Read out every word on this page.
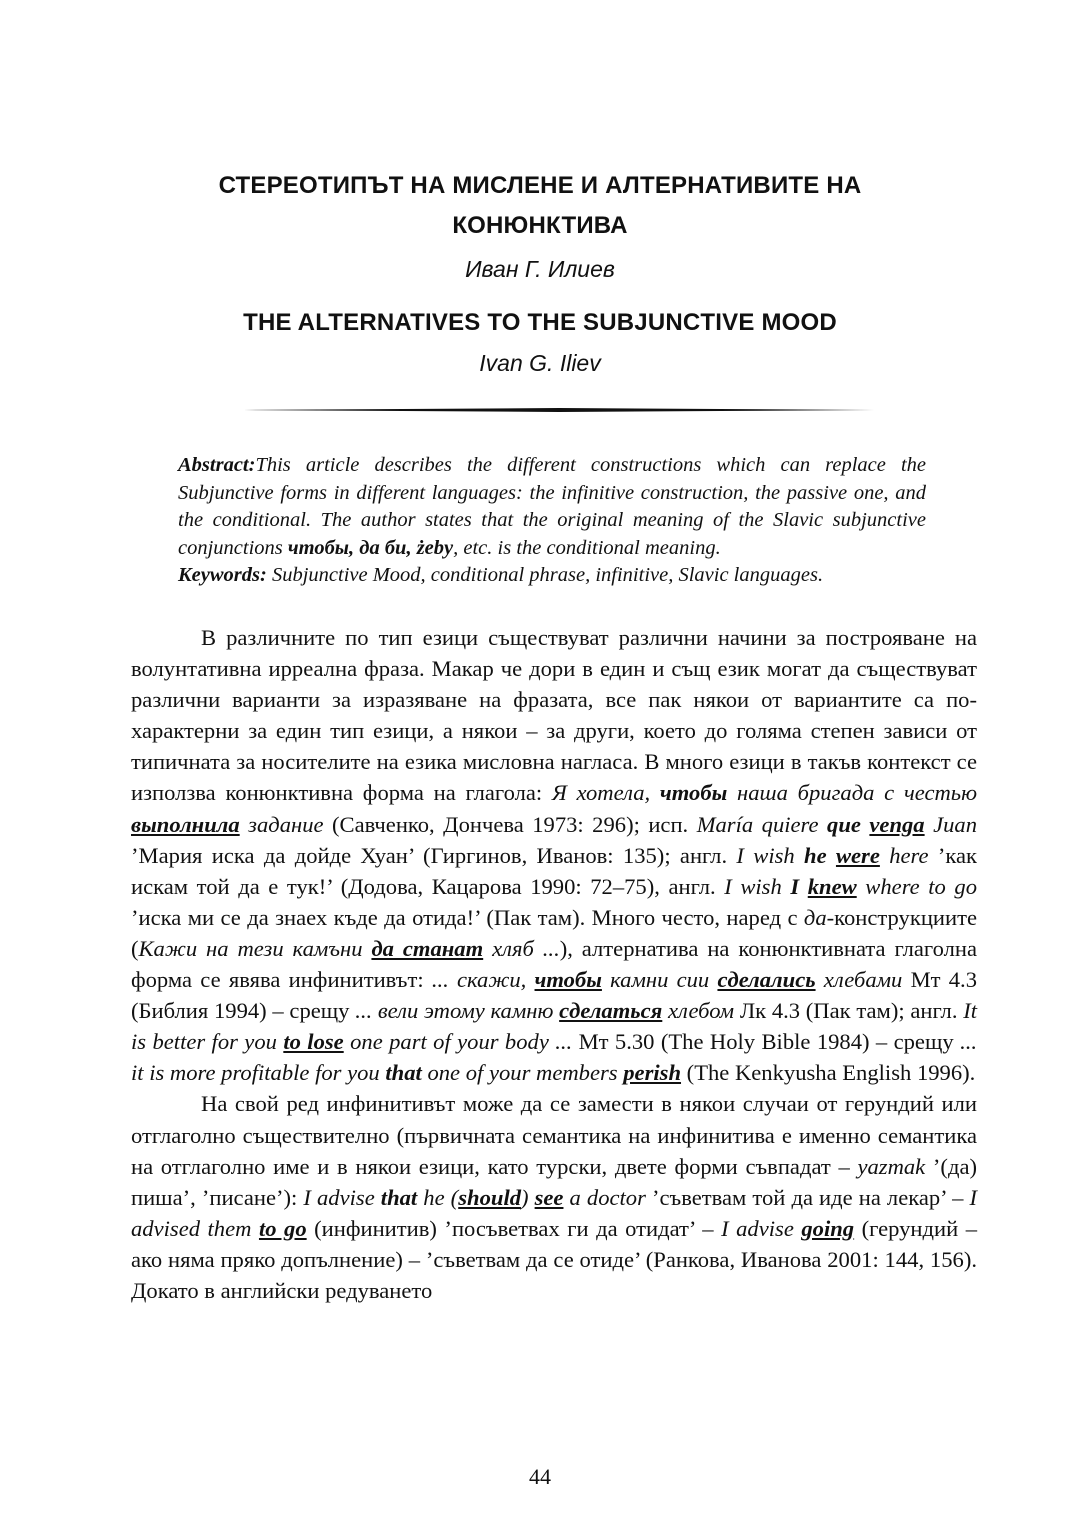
СТЕРЕОТИПЪТ НА МИСЛЕНЕ И АЛТЕРНАТИВИТЕ НА
КОНЮНКТИВА
Иван Г. Илиев
THE ALTERNATIVES TO THE SUBJUNCTIVE MOOD
Ivan G. Iliev
Abstract:This article describes the different constructions which can replace the Subjunctive forms in different languages: the infinitive construction, the passive one, and the conditional. The author states that the original meaning of the Slavic subjunctive conjunctions чтобы, да би, żeby, etc. is the conditional meaning.
Keywords: Subjunctive Mood, conditional phrase, infinitive, Slavic languages.

В различните по тип езици съществуват различни начини за построяване на волунтативна ирреална фраза. Макар че дори в един и същ език могат да съществуват различни варианти за изразяване на фразата, все пак някои от вариантите са по-характерни за един тип езици, а някои – за други, което до голяма степен зависи от типичната за носителите на езика мисловна нагласа. В много езици в такъв контекст се използва конюнктивна форма на глагола: Я хотела, чтобы наша бригада с честью выполнила задание (Савченко, Дончева 1973: 296); исп. María quiere que venga Juan ’Мария иска да дойде Хуан’ (Гиргинов, Иванов: 135); англ. I wish he were here ’как искам той да е тук!’ (Додова, Кацарова 1990: 72–75), англ. I wish I knew where to go ’иска ми се да знаех къде да отида!’ (Пак там). Много често, наред с да-конструкциите (Кажи на тези камъни да станат хляб ...), алтернатива на конюнктивната глаголна форма се явява инфинитивът: ... скажи, чтобы камни сии сделались хлебами Мт 4.3 (Библия 1994) – срещу ... вели этому камню сделаться хлебом Лк 4.3 (Пак там); англ. It is better for you to lose one part of your body ... Мт 5.30 (The Holy Bible 1984) – срещу ... it is more profitable for you that one of your members perish (The Kenkyusha English 1996).

На свой ред инфинитивът може да се замести в някои случаи от герундий или отглаголно съществително (първичната семантика на инфинитива е именно семантика на отглаголно име и в някои езици, като турски, двете форми съвпадат – yazmak ’(да) пиша’, ’писане’): I advise that he (should) see a doctor ’съветвам той да иде на лекар’ – I advised them to go (инфинитив) ’посъветвах ги да отидат’ – I advise going (герундий – ако няма пряко допълнение) – ’съветвам да се отиде’ (Ранкова, Иванова 2001: 144, 156). Докато в английски редуването

44
